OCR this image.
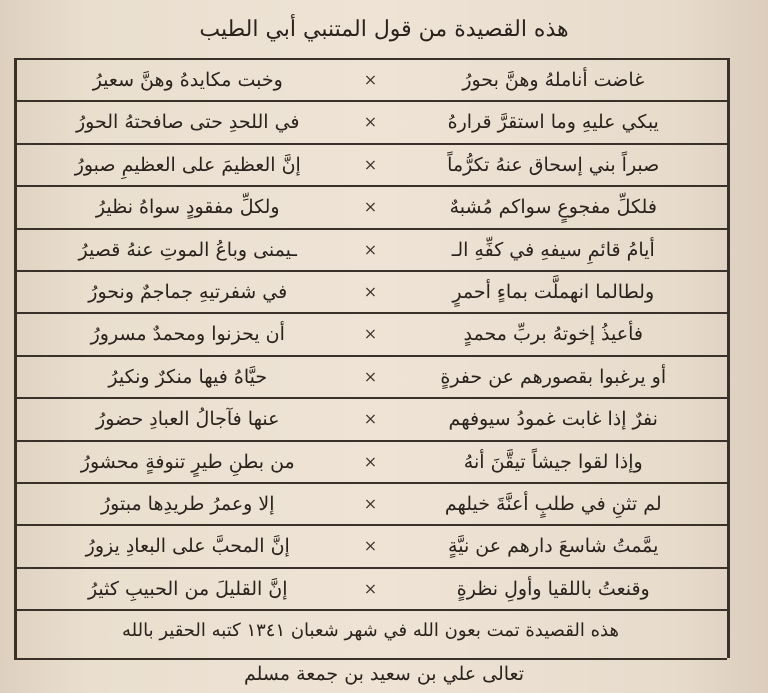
هذه القصيدة من قول المتنبي أبي الطيب
غاضت أناملهُ وهنَّ بحورُ
×
وخبت مكايدهُ وهنَّ سعيرُ
يبكي عليهِ وما استقرَّ قرارهُ
×
في اللحدِ حتى صافحتهُ الحورُ
صبراً بني إسحاق عنهُ تكرُّماً
×
إنَّ العظيمَ على العظيمِ صبورُ
فلكلِّ مفجوعٍ سواكم مُشبهٌ
×
ولكلِّ مفقودٍ سواهُ نظيرُ
أيامُ قائمِ سيفهِ في كفِّهِ الـ
×
ـيمنى وباعُ الموتِ عنهُ قصيرُ
ولطالما انهملَّت بماءٍ أحمرٍ
×
في شفرتيهِ جماجمٌ ونحورُ
فأعيذُ إخوتهُ بربِّ محمدٍ
×
أن يحزنوا ومحمدٌ مسرورُ
أو يرغبوا بقصورهم عن حفرةٍ
×
حيَّاهُ فيها منكرٌ ونكيرُ
نفرٌ إذا غابت غمودُ سيوفهم
×
عنها فآجالُ العبادِ حضورُ
وإذا لقوا جيشاً تيقَّنَ أنهُ
×
من بطنِ طيرٍ تنوفةٍ محشورُ
لم تثنِ في طلبٍ أعنَّةَ خيلهم
×
إلا وعمرُ طريدِها مبتورُ
يمَّمتُ شاسعَ دارهم عن نيَّةٍ
×
إنَّ المحبَّ على البعادِ يزورُ
وقنعتُ باللقيا وأولِ نظرةٍ
×
إنَّ القليلَ من الحبيبِ كثيرُ
هذه القصيدة تمت بعون الله في شهر شعبان ١٣٤١ كتبه الحقير بالله
تعالى علي بن سعيد بن جمعة مسلم
